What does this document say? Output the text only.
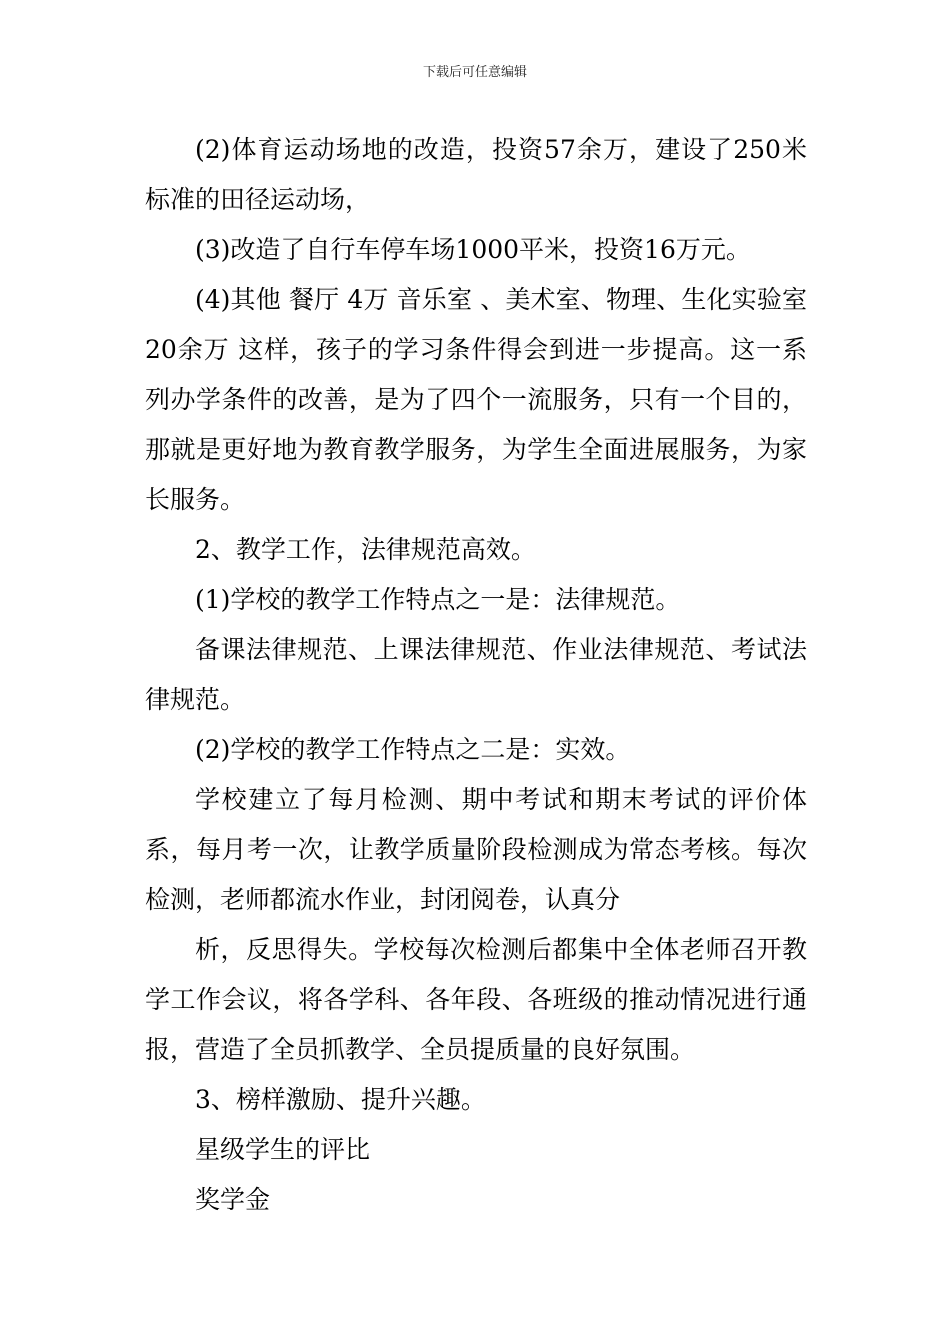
下载后可任意编辑

(2)体育运动场地的改造，投资57余万，建设了250米标准的田径运动场，

(3)改造了自行车停车场1000平米，投资16万元。

(4)其他 餐厅 4万 音乐室 、美术室、物理、生化实验室 20余万 这样，孩子的学习条件得会到进一步提高。这一系列办学条件的改善，是为了四个一流服务，只有一个目的，那就是更好地为教育教学服务，为学生全面进展服务，为家长服务。

2、教学工作，法律规范高效。

(1)学校的教学工作特点之一是：法律规范。

备课法律规范、上课法律规范、作业法律规范、考试法律规范。

(2)学校的教学工作特点之二是：实效。

学校建立了每月检测、期中考试和期末考试的评价体系，每月考一次，让教学质量阶段检测成为常态考核。每次检测，老师都流水作业，封闭阅卷，认真分

析，反思得失。学校每次检测后都集中全体老师召开教学工作会议，将各学科、各年段、各班级的推动情况进行通报，营造了全员抓教学、全员提质量的良好氛围。

3、榜样激励、提升兴趣。

星级学生的评比

奖学金
